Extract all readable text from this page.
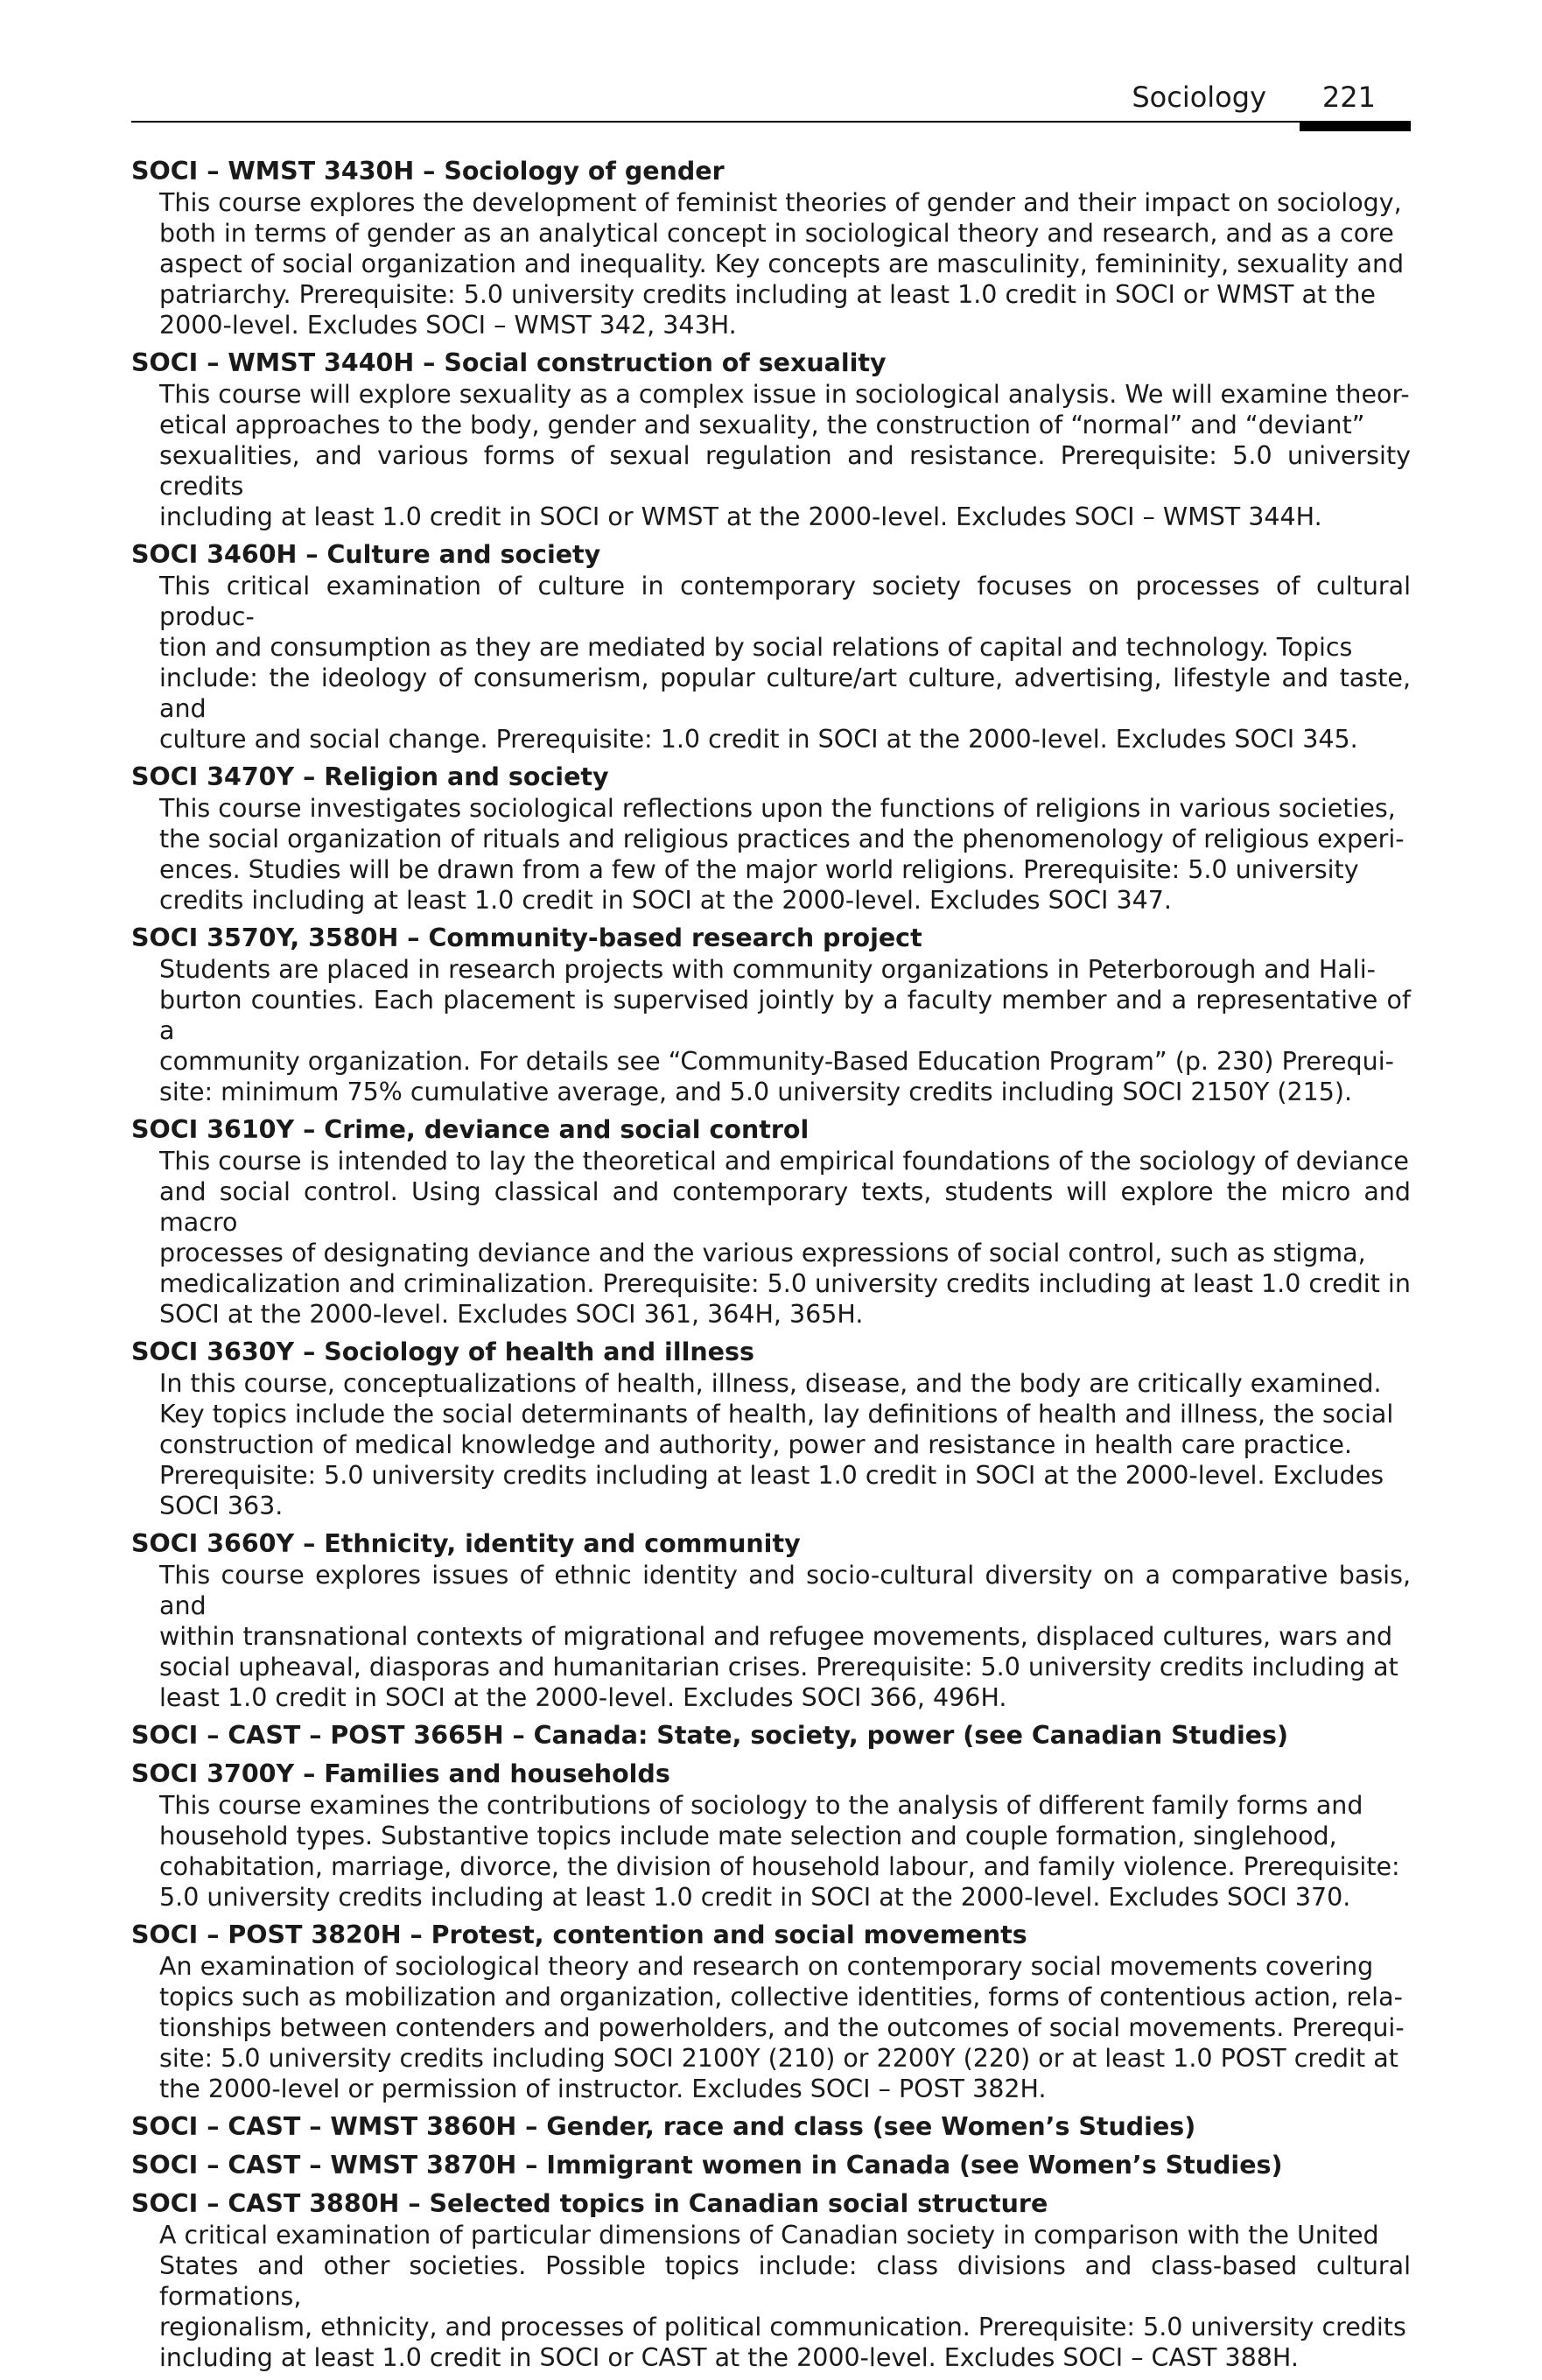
Sociology 221
SOCI – WMST 3430H – Sociology of gender
This course explores the development of feminist theories of gender and their impact on sociology,
both in terms of gender as an analytical concept in sociological theory and research, and as a core
aspect of social organization and inequality. Key concepts are masculinity, femininity, sexuality and
patriarchy. Prerequisite: 5.0 university credits including at least 1.0 credit in SOCI or WMST at the
2000-level. Excludes SOCI – WMST 342, 343H.
SOCI – WMST 3440H – Social construction of sexuality
This course will explore sexuality as a complex issue in sociological analysis. We will examine theor-
etical approaches to the body, gender and sexuality, the construction of “normal” and “deviant”
sexualities, and various forms of sexual regulation and resistance. Prerequisite: 5.0 university credits
including at least 1.0 credit in SOCI or WMST at the 2000-level. Excludes SOCI – WMST 344H.
SOCI 3460H – Culture and society
This critical examination of culture in contemporary society focuses on processes of cultural produc-
tion and consumption as they are mediated by social relations of capital and technology. Topics
include: the ideology of consumerism, popular culture/art culture, advertising, lifestyle and taste, and
culture and social change. Prerequisite: 1.0 credit in SOCI at the 2000-level. Excludes SOCI 345.
SOCI 3470Y – Religion and society
This course investigates sociological reflections upon the functions of religions in various societies,
the social organization of rituals and religious practices and the phenomenology of religious experi-
ences. Studies will be drawn from a few of the major world religions. Prerequisite: 5.0 university
credits including at least 1.0 credit in SOCI at the 2000-level. Excludes SOCI 347.
SOCI 3570Y, 3580H – Community-based research project
Students are placed in research projects with community organizations in Peterborough and Hali-
burton counties. Each placement is supervised jointly by a faculty member and a representative of a
community organization. For details see “Community-Based Education Program” (p. 230) Prerequi-
site: minimum 75% cumulative average, and 5.0 university credits including SOCI 2150Y (215).
SOCI 3610Y – Crime, deviance and social control
This course is intended to lay the theoretical and empirical foundations of the sociology of deviance
and social control. Using classical and contemporary texts, students will explore the micro and macro
processes of designating deviance and the various expressions of social control, such as stigma,
medicalization and criminalization. Prerequisite: 5.0 university credits including at least 1.0 credit in
SOCI at the 2000-level. Excludes SOCI 361, 364H, 365H.
SOCI 3630Y – Sociology of health and illness
In this course, conceptualizations of health, illness, disease, and the body are critically examined.
Key topics include the social determinants of health, lay definitions of health and illness, the social
construction of medical knowledge and authority, power and resistance in health care practice.
Prerequisite: 5.0 university credits including at least 1.0 credit in SOCI at the 2000-level. Excludes
SOCI 363.
SOCI 3660Y – Ethnicity, identity and community
This course explores issues of ethnic identity and socio-cultural diversity on a comparative basis, and
within transnational contexts of migrational and refugee movements, displaced cultures, wars and
social upheaval, diasporas and humanitarian crises. Prerequisite: 5.0 university credits including at
least 1.0 credit in SOCI at the 2000-level. Excludes SOCI 366, 496H.
SOCI – CAST – POST 3665H – Canada: State, society, power (see Canadian Studies)
SOCI 3700Y – Families and households
This course examines the contributions of sociology to the analysis of different family forms and
household types. Substantive topics include mate selection and couple formation, singlehood,
cohabitation, marriage, divorce, the division of household labour, and family violence. Prerequisite:
5.0 university credits including at least 1.0 credit in SOCI at the 2000-level. Excludes SOCI 370.
SOCI – POST 3820H – Protest, contention and social movements
An examination of sociological theory and research on contemporary social movements covering
topics such as mobilization and organization, collective identities, forms of contentious action, rela-
tionships between contenders and powerholders, and the outcomes of social movements. Prerequi-
site: 5.0 university credits including SOCI 2100Y (210) or 2200Y (220) or at least 1.0 POST credit at
the 2000-level or permission of instructor. Excludes SOCI – POST 382H.
SOCI – CAST – WMST 3860H – Gender, race and class (see Women’s Studies)
SOCI – CAST – WMST 3870H – Immigrant women in Canada (see Women’s Studies)
SOCI – CAST 3880H – Selected topics in Canadian social structure
A critical examination of particular dimensions of Canadian society in comparison with the United
States and other societies. Possible topics include: class divisions and class-based cultural formations,
regionalism, ethnicity, and processes of political communication. Prerequisite: 5.0 university credits
including at least 1.0 credit in SOCI or CAST at the 2000-level. Excludes SOCI – CAST 388H.
